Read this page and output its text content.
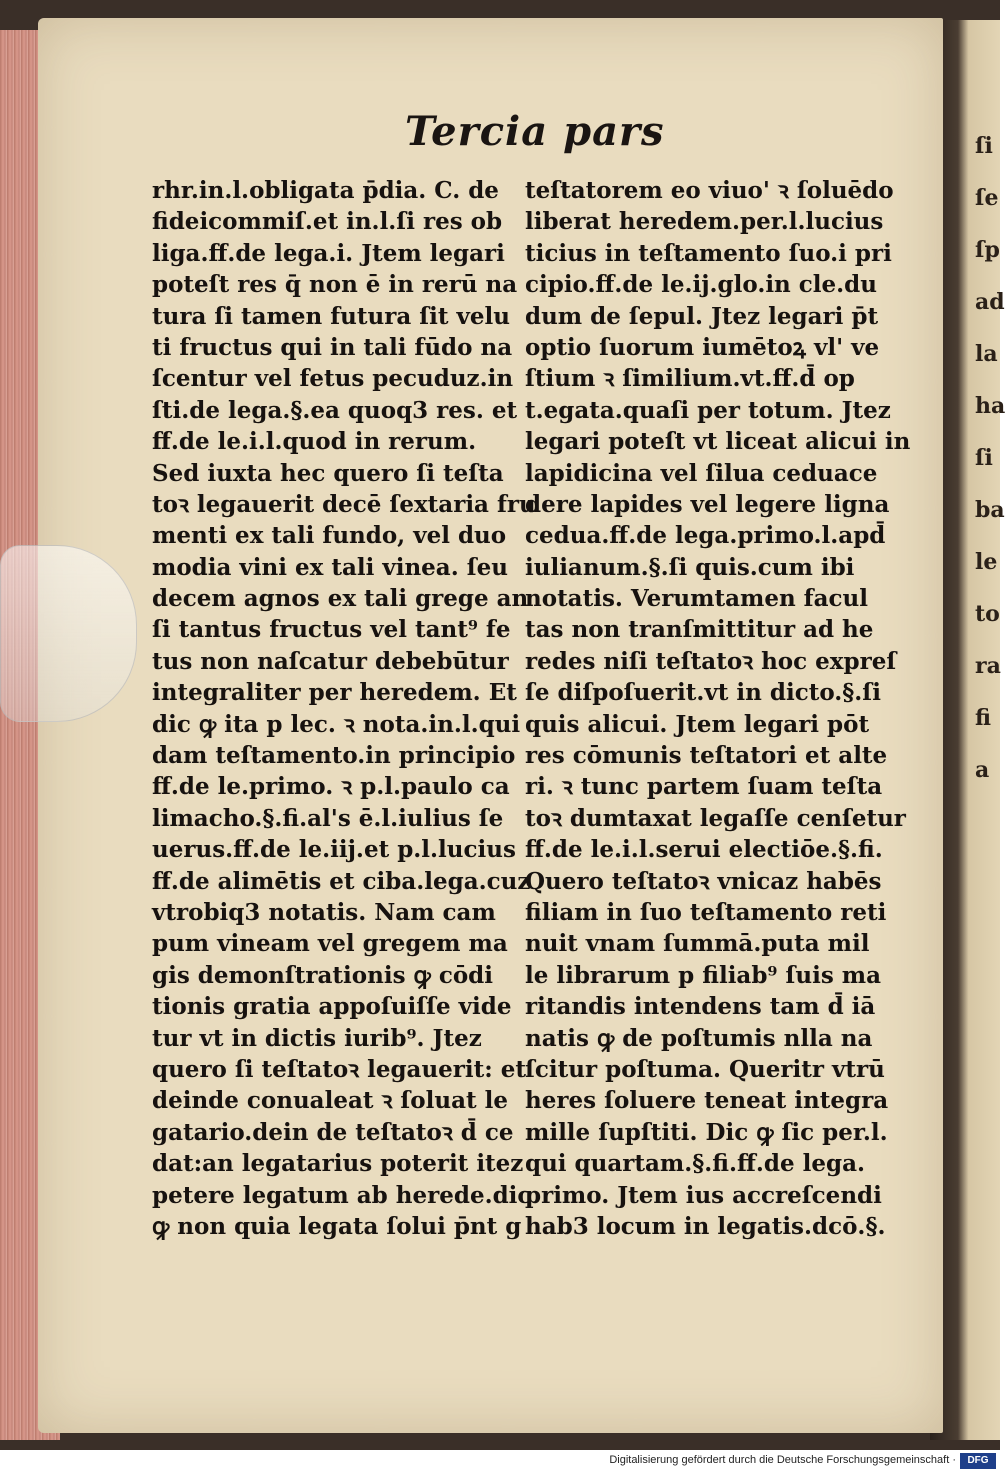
Tercia pars
rhr.in.l.obligata p̄dia. C. de
fideicommiſ.et in.l.ſi res ob
liga.ff.de lega.i. Jtem legari
poteſt res q̄ non ē in rerū na
tura ſi tamen futura ſit velu
ti fructus qui in tali fūdo na
ſcentur vel fetus pecuduz.in
ſti.de lega.§.ea quoq3 res. et
ff.de le.i.l.quod in rerum.
Sed iuxta hec quero ſi teſta
toꝛ legauerit decē ſextaria fru
menti ex tali fundo, vel duo
modia vini ex tali vinea. ſeu
decem agnos ex tali grege an
ſi tantus fructus vel tant⁹ fe
tus non naſcatur debebūtur
integraliter per heredem. Et
dic ꝙ ita p lec. ꝛ nota.in.l.qui
dam teſtamento.in principio
ff.de le.primo. ꝛ p.l.paulo ca
limacho.§.fi.al's ē.l.iulius ſe
uerus.ff.de le.iij.et p.l.lucius
ff.de alimētis et ciba.lega.cuz
vtrobiq3 notatis. Nam cam
pum vineam vel gregem ma
gis demonſtrationis ꝙ cōdi
tionis gratia appoſuiſſe vide
tur vt in dictis iurib⁹. Jtez
quero ſi teſtatoꝛ legauerit: et
deinde conualeat ꝛ ſoluat le
gatario.dein de teſtatoꝛ d̄ ce
dat:an legatarius poterit itez
petere legatum ab herede.dic
ꝙ non quia legata ſolui p̄nt g
teſtatorem eo viuo' ꝛ ſoluēdo
liberat heredem.per.l.lucius
ticius in teſtamento ſuo.i pri
cipio.ff.de le.ij.glo.in cle.du
dum de ſepul. Jtez legari p̄t
optio ſuorum iumētoꝝ vl' ve
ſtium ꝛ ſimilium.vt.ff.d̄ op
t.egata.quaſi per totum. Jtez
legari poteſt vt liceat alicui in
lapidicina vel ſilua ceduace
dere lapides vel legere ligna
cedua.ff.de lega.primo.l.apd̄
iulianum.§.ſi quis.cum ibi
notatis. Verumtamen facul
tas non tranſmittitur ad he
redes niſi teſtatoꝛ hoc expreſ
ſe diſpoſuerit.vt in dicto.§.ſi
quis alicui. Jtem legari pōt
res cōmunis teſtatori et alte
ri. ꝛ tunc partem ſuam teſta
toꝛ dumtaxat legaſſe cenſetur
ff.de le.i.l.serui electiōe.§.fi.
Quero teſtatoꝛ vnicaz habēs
filiam in ſuo teſtamento reti
nuit vnam ſummā.puta mil
le librarum p filiab⁹ ſuis ma
ritandis intendens tam d̄ iā
natis ꝙ de poſtumis nlla na
ſcitur poſtuma. Queritr vtrū
heres ſoluere teneat integra
mille ſupſtiti. Dic ꝙ ſic per.l.
qui quartam.§.fi.ff.de lega.
primo. Jtem ius accreſcendi
hab3 locum in legatis.dcō.§.
ſi
ſe
ſp
ad
la
ha
ſi
ba
le
to
ra
fi
a
Digitalisierung gefördert durch die Deutsche Forschungsgemeinschaft ·	DFG
